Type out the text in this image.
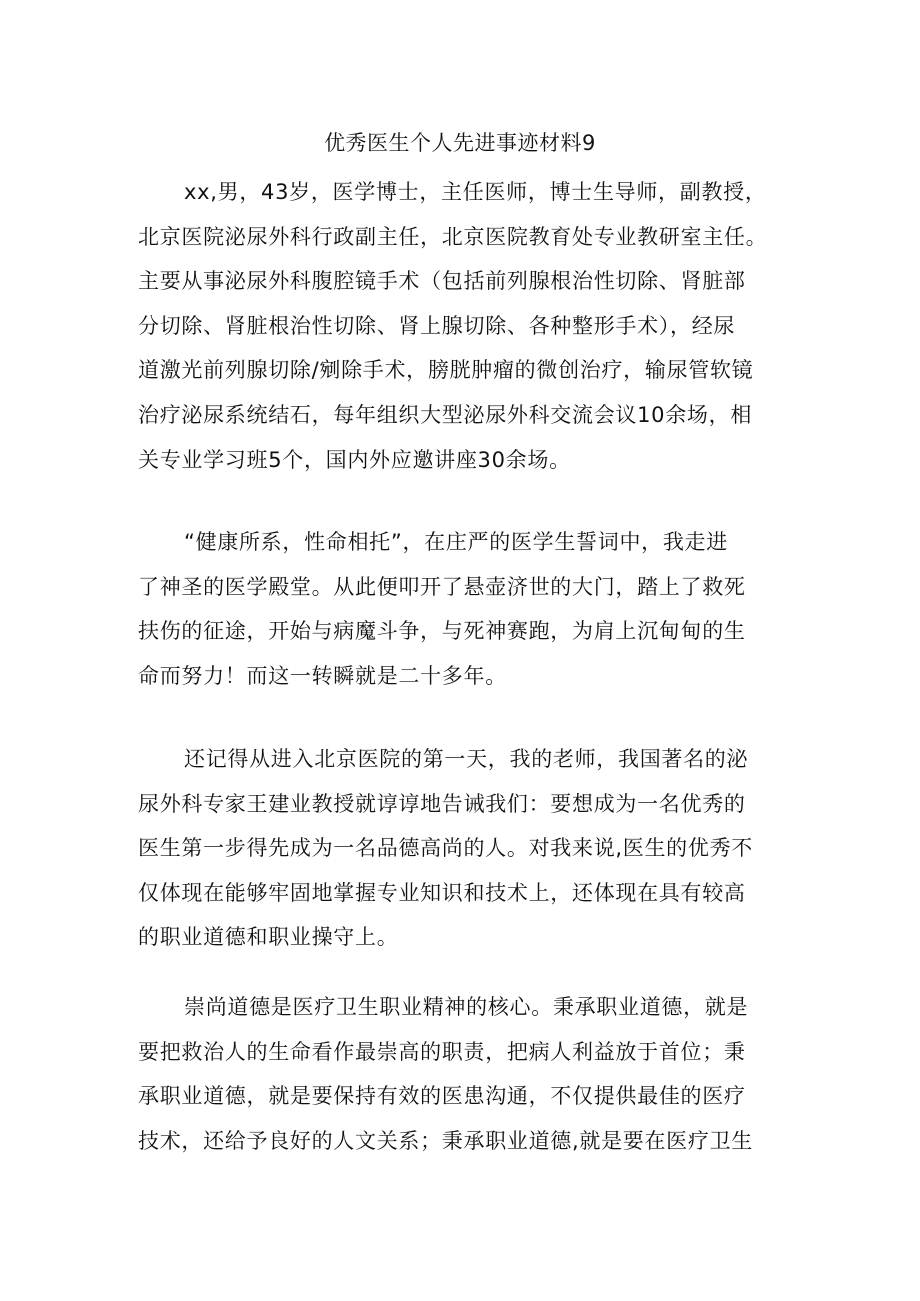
优秀医生个人先进事迹材料9
xx,男，43岁，医学博士，主任医师，博士生导师，副教授，
北京医院泌尿外科行政副主任，北京医院教育处专业教研室主任。
主要从事泌尿外科腹腔镜手术（包括前列腺根治性切除、肾脏部
分切除、肾脏根治性切除、肾上腺切除、各种整形手术），经尿
道激光前列腺切除/剜除手术，膀胱肿瘤的微创治疗，输尿管软镜
治疗泌尿系统结石，每年组织大型泌尿外科交流会议10余场，相
关专业学习班5个，国内外应邀讲座30余场。
“健康所系，性命相托”，在庄严的医学生誓词中，我走进
了神圣的医学殿堂。从此便叩开了悬壶济世的大门，踏上了救死
扶伤的征途，开始与病魔斗争，与死神赛跑，为肩上沉甸甸的生
命而努力！而这一转瞬就是二十多年。
还记得从进入北京医院的第一天，我的老师，我国著名的泌
尿外科专家王建业教授就谆谆地告诫我们：要想成为一名优秀的
医生第一步得先成为一名品德高尚的人。对我来说,医生的优秀不
仅体现在能够牢固地掌握专业知识和技术上，还体现在具有较高
的职业道德和职业操守上。
崇尚道德是医疗卫生职业精神的核心。秉承职业道德，就是
要把救治人的生命看作最崇高的职责，把病人利益放于首位；秉
承职业道德，就是要保持有效的医患沟通，不仅提供最佳的医疗
技术，还给予良好的人文关系；秉承职业道德,就是要在医疗卫生
